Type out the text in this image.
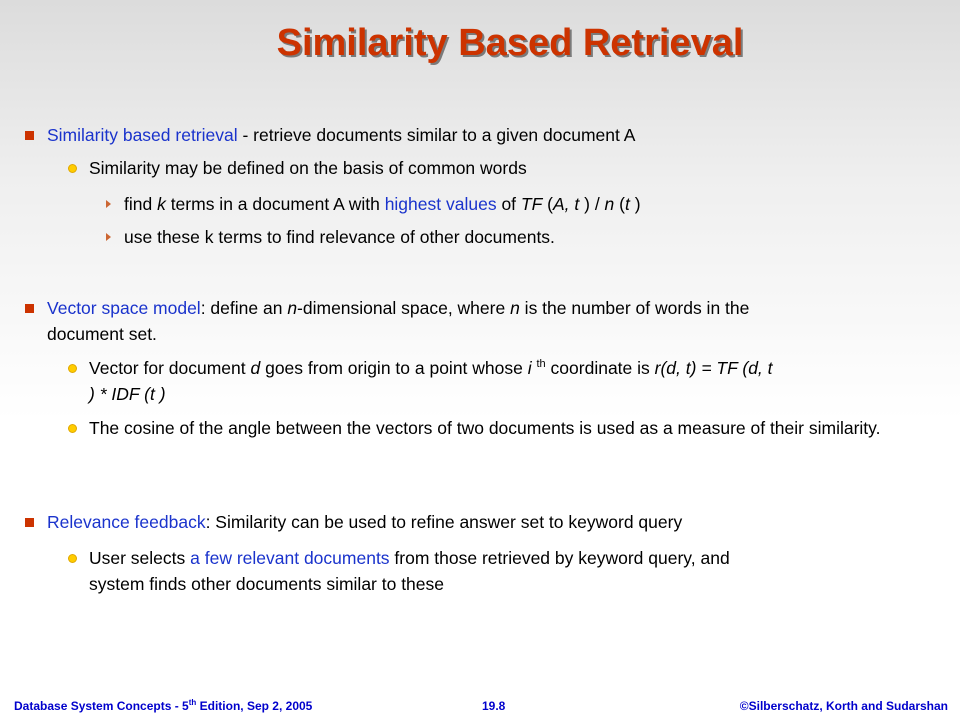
Similarity Based Retrieval
Similarity based retrieval - retrieve documents similar to a given document A
Similarity may be defined on the basis of common words
find k terms in a document A with highest values of TF (A, t ) / n (t )
use these k terms to find relevance of other documents.
Vector space model: define an n-dimensional space, where n is the number of words in the
document set.
Vector for document d goes from origin to a point whose i $^{th}$ coordinate is r(d, t) = TF (d, t
) * IDF (t )
The cosine of the angle between the vectors of two documents is used as a measure of their similarity.
Relevance feedback: Similarity can be used to refine answer set to keyword query
User selects a few relevant documents from those retrieved by keyword query, and
system finds other documents similar to these
Database System Concepts - 5th Edition, Sep 2, 2005	19.8	©Silberschatz, Korth and Sudarshan
